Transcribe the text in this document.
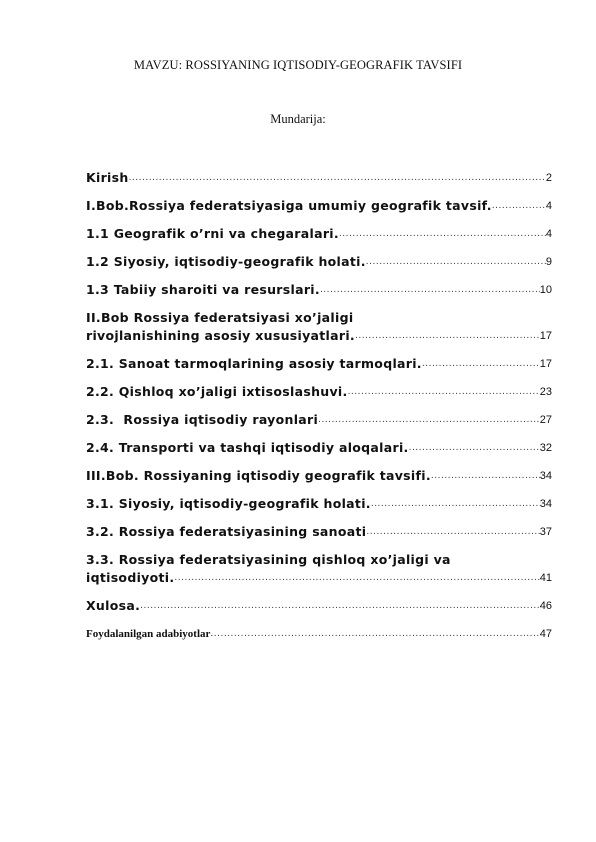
MAVZU: ROSSIYANING IQTISODIY-GEOGRAFIK TAVSIFI
Mundarija:
Kirish .....	2
I.Bob.Rossiya federatsiyasiga umumiy geografik tavsif. .....	4
1.1 Geografik o’rni va chegaralari. .....	4
1.2 Siyosiy, iqtisodiy-geografik holati. .....	9
1.3 Tabiiy sharoiti va resurslari. .....	10
II.Bob Rossiya federatsiyasi xo’jaligi
rivojlanishining asosiy xususiyatlari. .....	17
2.1. Sanoat tarmoqlarining asosiy tarmoqlari. .....	17
2.2. Qishloq xo’jaligi ixtisoslashuvi. .....	23
2.3.  Rossiya iqtisodiy rayonlari .....	27
2.4. Transporti va tashqi iqtisodiy aloqalari. .....	32
III.Bob. Rossiyaning iqtisodiy geografik tavsifi. .....	34
3.1. Siyosiy, iqtisodiy-geografik holati. .....	34
3.2. Rossiya federatsiyasining sanoati .....	37
3.3. Rossiya federatsiyasining qishloq xo’jaligi va
iqtisodiyoti. .....	41
Xulosa. .....	46
Foydalanilgan adabiyotlar .....	47
